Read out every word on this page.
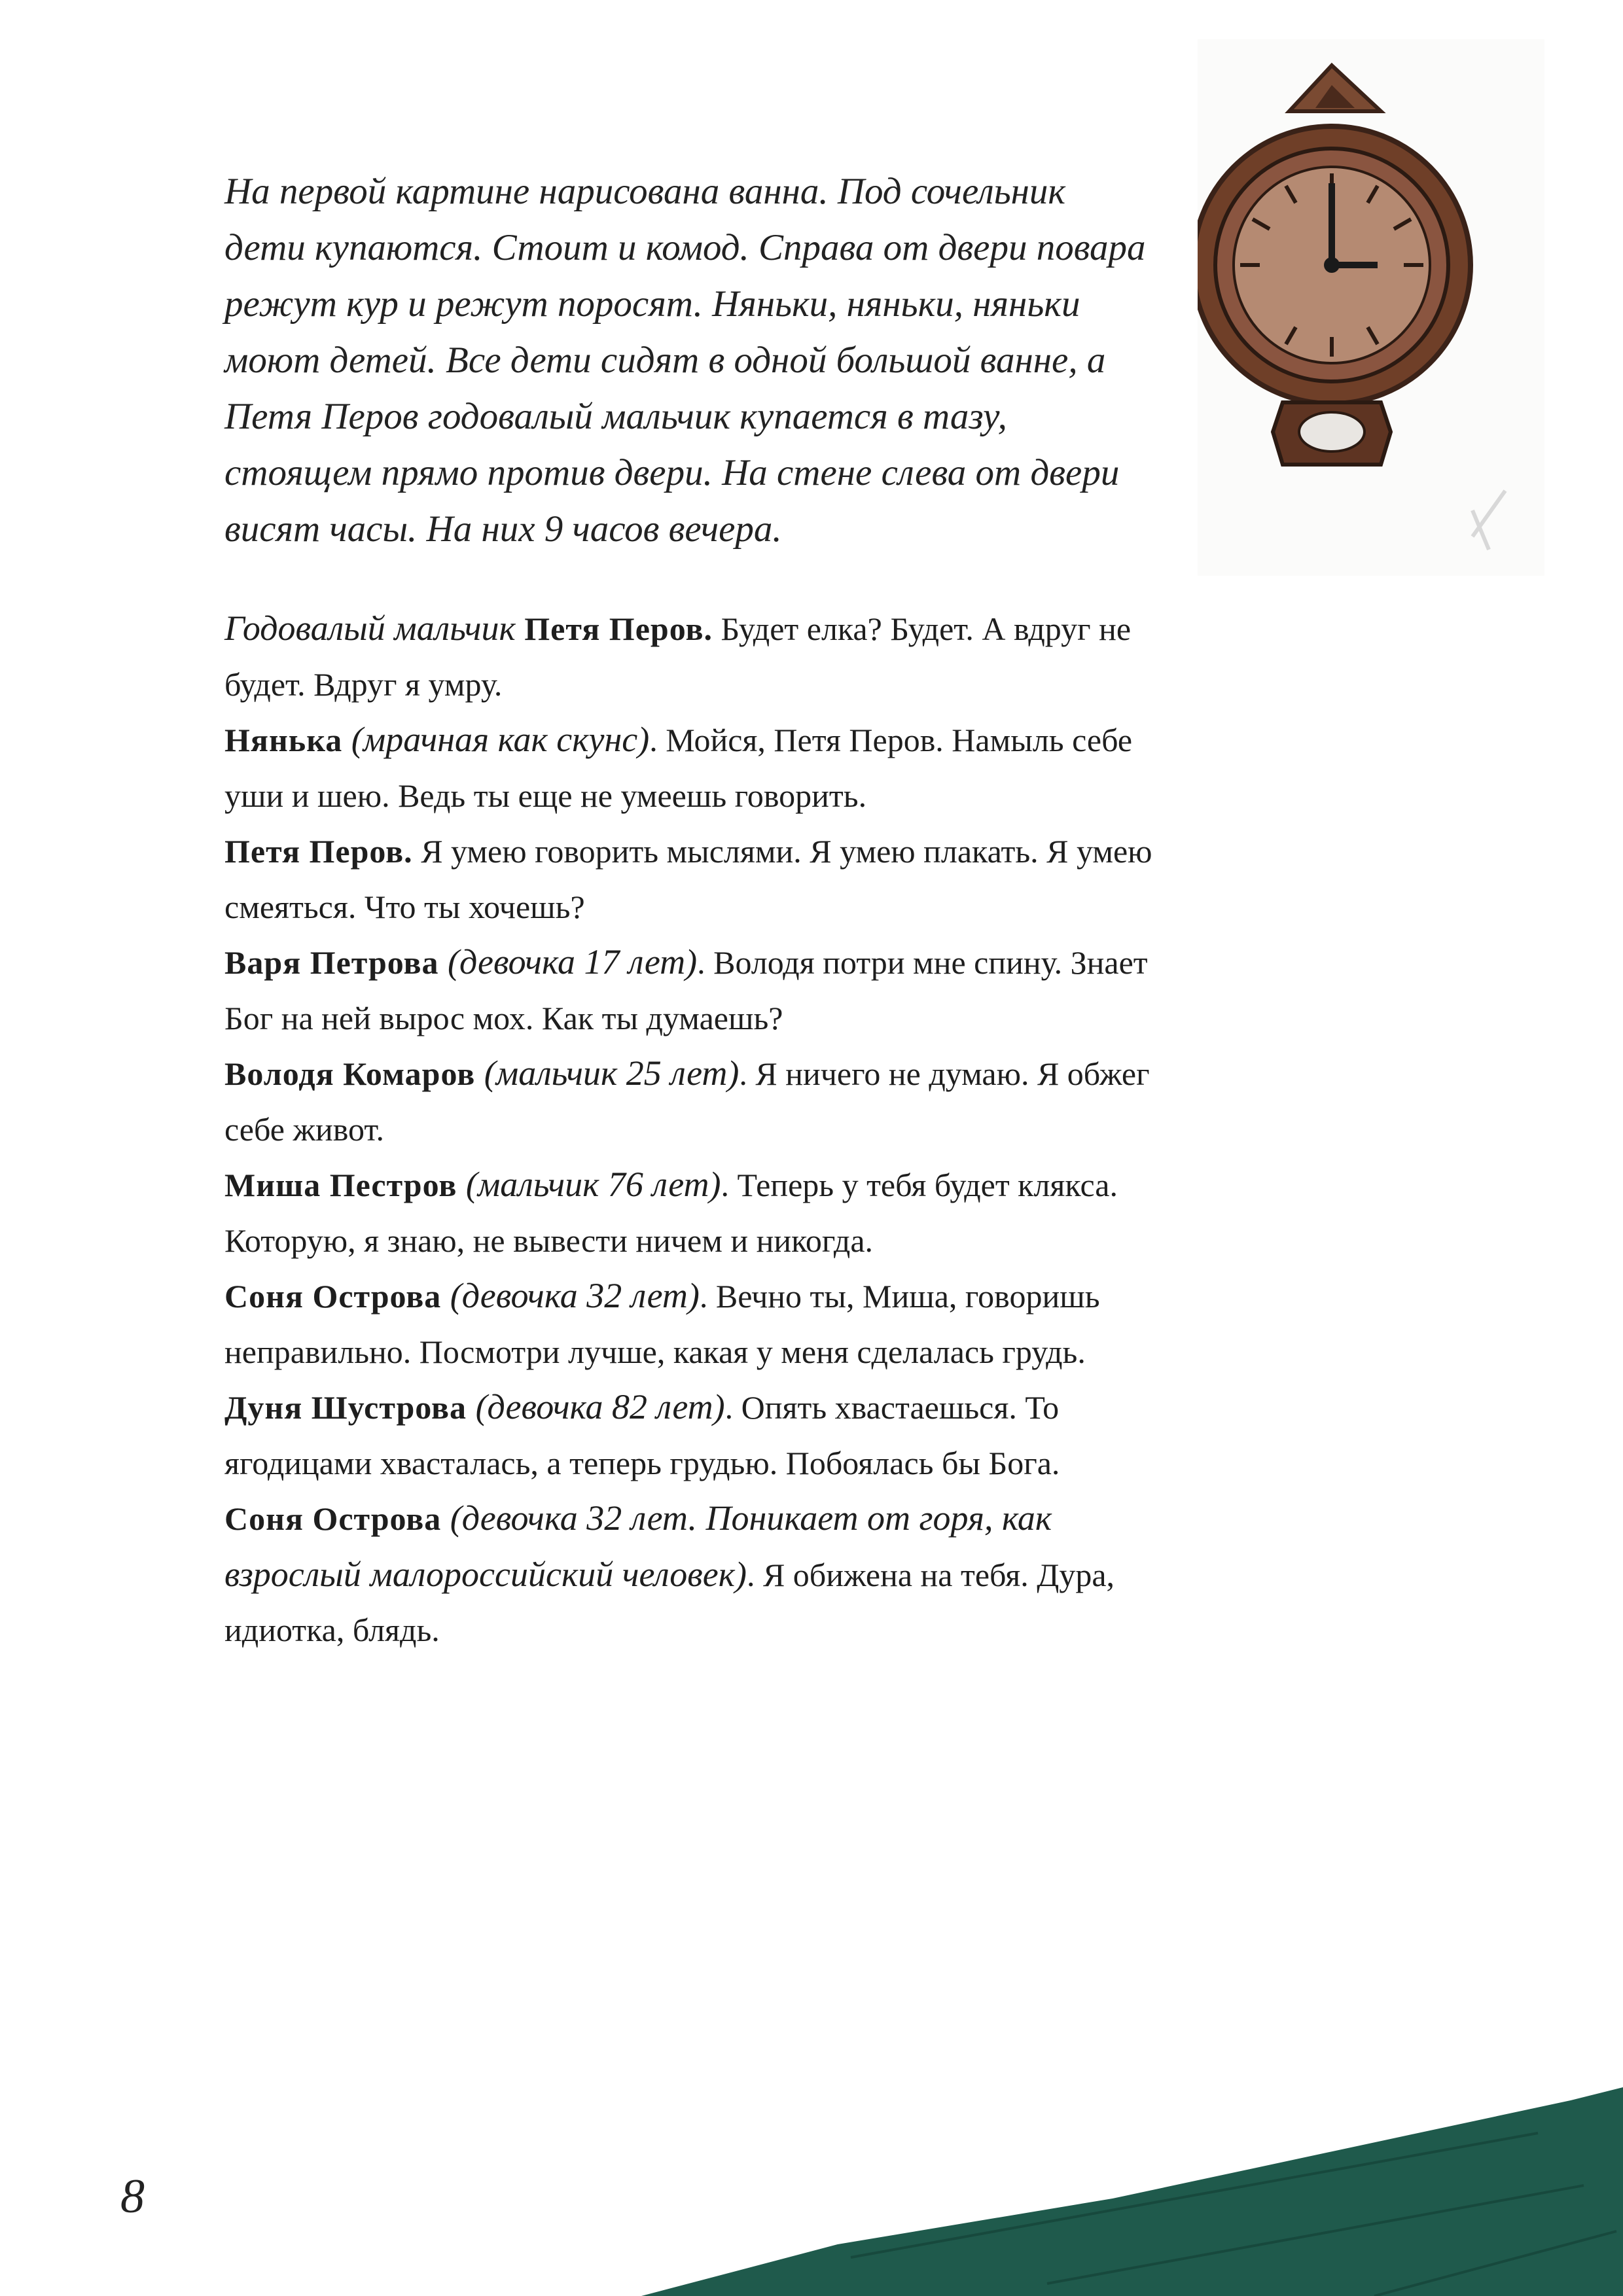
На первой картине нарисована ванна. Под сочельник дети купаются. Стоит и комод. Справа от двери повара режут кур и режут поросят. Няньки, няньки, няньки моют детей. Все дети сидят в одной большой ванне, а Петя Перов годовалый мальчик купается в тазу, стоящем прямо против двери. На стене слева от двери висят часы. На них 9 часов вечера.

Годовалый мальчик Петя Перов. Будет елка? Будет. А вдруг не будет. Вдруг я умру.

Нянька (мрачная как скунс). Мойся, Петя Перов. Намыль себе уши и шею. Ведь ты еще не умеешь говорить.

Петя Перов. Я умею говорить мыслями. Я умею плакать. Я умею смеяться. Что ты хочешь?

Варя Петрова (девочка 17 лет). Володя потри мне спину. Знает Бог на ней вырос мох. Как ты думаешь?

Володя Комаров (мальчик 25 лет). Я ничего не думаю. Я обжег себе живот.

Миша Пестров (мальчик 76 лет). Теперь у тебя будет клякса. Которую, я знаю, не вывести ничем и никогда.

Соня Острова (девочка 32 лет). Вечно ты, Миша, говоришь неправильно. Посмотри лучше, какая у меня сделалась грудь.

Дуня Шустрова (девочка 82 лет). Опять хвастаешься. То ягодицами хвасталась, а теперь грудью. Побоялась бы Бога.

Соня Острова (девочка 32 лет. Поникает от горя, как взрослый малороссийский человек). Я обижена на тебя. Дура, идиотка, блядь.

8
